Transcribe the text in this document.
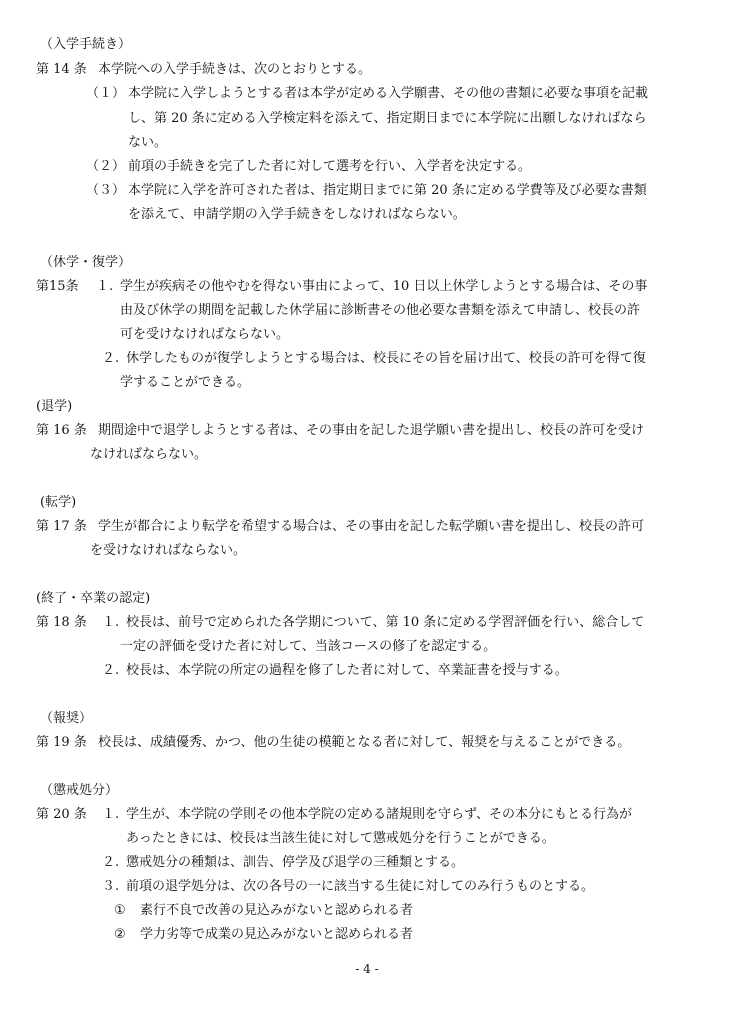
（入学手続き）
第 14 条 本学院への入学手続きは、次のとおりとする。
（１） 本学院に入学しようとする者は本学が定める入学願書、その他の書類に必要な事項を記載
し、第 20 条に定める入学検定料を添えて、指定期日までに本学院に出願しなければなら
ない。
（２） 前項の手続きを完了した者に対して選考を行い、入学者を決定する。
（３） 本学院に入学を許可された者は、指定期日までに第 20 条に定める学費等及び必要な書類
を添えて、申請学期の入学手続きをしなければならない。
（休学・復学）
第15条 １. 学生が疾病その他やむを得ない事由によって、10 日以上休学しようとする場合は、その事
由及び休学の期間を記載した休学届に診断書その他必要な書類を添えて申請し、校長の許
可を受けなければならない。
２. 休学したものが復学しようとする場合は、校長にその旨を届け出て、校長の許可を得て復
学することができる。
(退学)
第 16 条 期間途中で退学しようとする者は、その事由を記した退学願い書を提出し、校長の許可を受け
なければならない。
(転学)
第 17 条 学生が都合により転学を希望する場合は、その事由を記した転学願い書を提出し、校長の許可
を受けなければならない。
(終了・卒業の認定)
第 18 条 １. 校長は、前号で定められた各学期について、第 10 条に定める学習評価を行い、総合して
一定の評価を受けた者に対して、当該コースの修了を認定する。
２. 校長は、本学院の所定の過程を修了した者に対して、卒業証書を授与する。
（報奨）
第 19 条 校長は、成績優秀、かつ、他の生徒の模範となる者に対して、報奨を与えることができる。
（懲戒処分）
第 20 条 １. 学生が、本学院の学則その他本学院の定める諸規則を守らず、その本分にもとる行為が
あったときには、校長は当該生徒に対して懲戒処分を行うことができる。
２. 懲戒処分の種類は、訓告、停学及び退学の三種類とする。
３. 前項の退学処分は、次の各号の一に該当する生徒に対してのみ行うものとする。
① 素行不良で改善の見込みがないと認められる者
② 学力劣等で成業の見込みがないと認められる者
- 4 -
